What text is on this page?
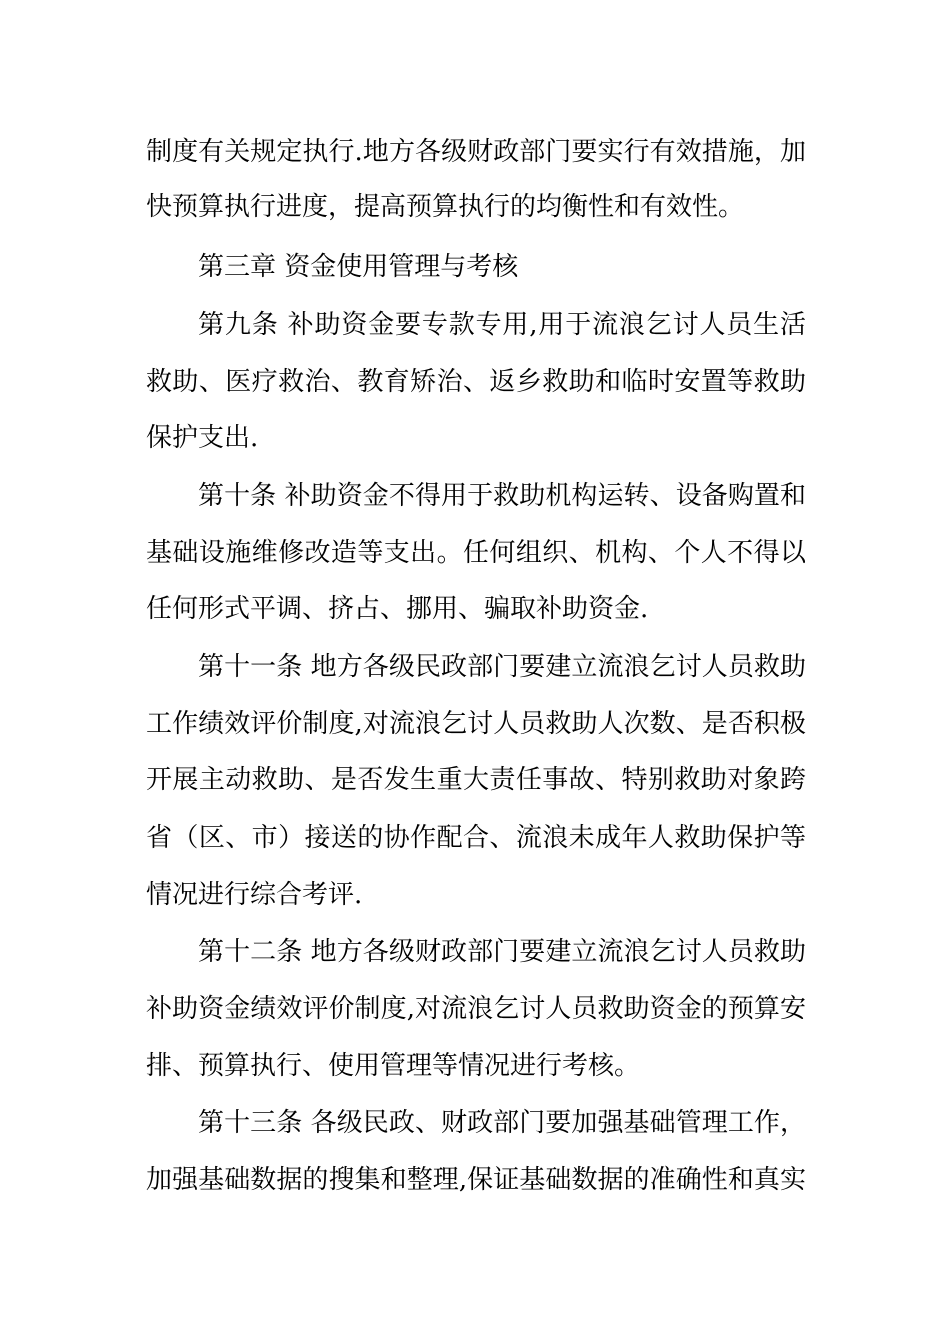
制度有关规定执行.地方各级财政部门要实行有效措施，加
快预算执行进度，提高预算执行的均衡性和有效性。
第三章 资金使用管理与考核
第九条 补助资金要专款专用,用于流浪乞讨人员生活
救助、医疗救治、教育矫治、返乡救助和临时安置等救助
保护支出.
第十条 补助资金不得用于救助机构运转、设备购置和
基础设施维修改造等支出。任何组织、机构、个人不得以
任何形式平调、挤占、挪用、骗取补助资金.
第十一条 地方各级民政部门要建立流浪乞讨人员救助
工作绩效评价制度,对流浪乞讨人员救助人次数、是否积极
开展主动救助、是否发生重大责任事故、特别救助对象跨
省（区、市）接送的协作配合、流浪未成年人救助保护等
情况进行综合考评.
第十二条 地方各级财政部门要建立流浪乞讨人员救助
补助资金绩效评价制度,对流浪乞讨人员救助资金的预算安
排、预算执行、使用管理等情况进行考核。
第十三条 各级民政、财政部门要加强基础管理工作，
加强基础数据的搜集和整理,保证基础数据的准确性和真实
